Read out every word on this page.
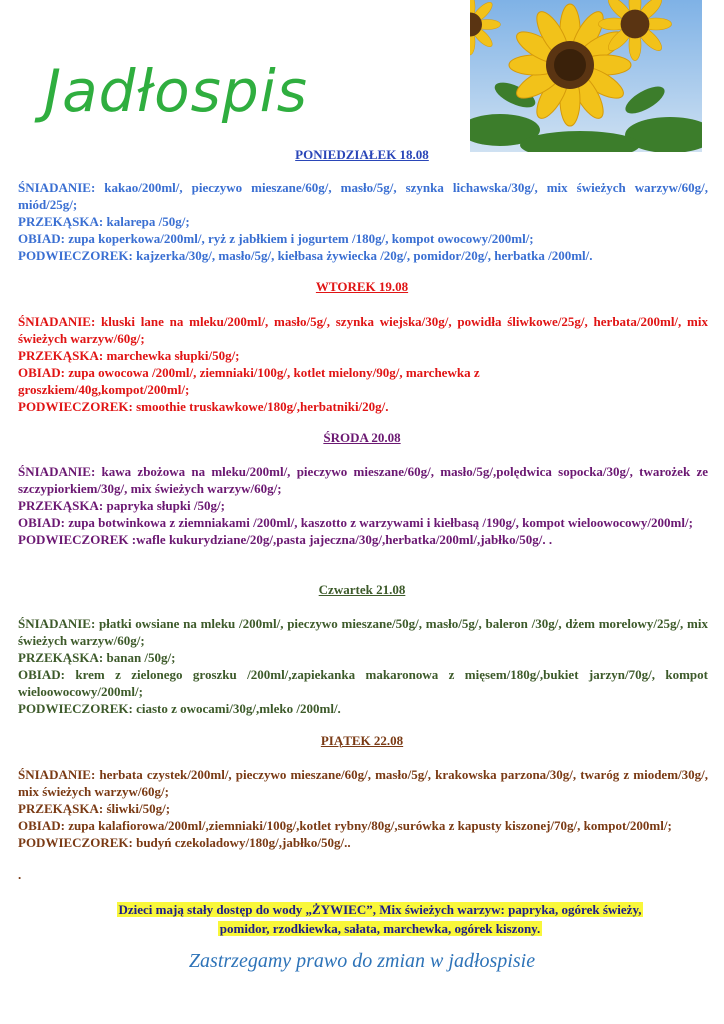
Jadłospis
PONIEDZIAŁEK 18.08

ŚNIADANIE: kakao/200ml/, pieczywo mieszane/60g/, masło/5g/, szynka lichawska/30g/, mix świeżych warzyw/60g/, miód/25g/;

PRZEKĄSKA: kalarepa /50g/;

OBIAD: zupa koperkowa/200ml/, ryż z jabłkiem i jogurtem /180g/, kompot owocowy/200ml/;

PODWIECZOREK: kajzerka/30g/, masło/5g/, kiełbasa żywiecka /20g/, pomidor/20g/, herbatka /200ml/.

WTOREK 19.08

ŚNIADANIE: kluski lane na mleku/200ml/, masło/5g/, szynka wiejska/30g/, powidła śliwkowe/25g/, herbata/200ml/, mix świeżych warzyw/60g/;

PRZEKĄSKA: marchewka słupki/50g/;

OBIAD: zupa owocowa /200ml/, ziemniaki/100g/, kotlet mielony/90g/, marchewka z groszkiem/40g,kompot/200ml/;

PODWIECZOREK: smoothie truskawkowe/180g/,herbatniki/20g/.

ŚRODA 20.08

ŚNIADANIE: kawa zbożowa na mleku/200ml/, pieczywo mieszane/60g/, masło/5g/,polędwica sopocka/30g/, twarożek ze szczypiorkiem/30g/, mix świeżych warzyw/60g/;

PRZEKĄSKA: papryka słupki /50g/;

OBIAD: zupa botwinkowa z ziemniakami /200ml/, kaszotto z warzywami i kiełbasą /190g/, kompot wieloowocowy/200ml/;

PODWIECZOREK :wafle kukurydziane/20g/,pasta jajeczna/30g/,herbatka/200ml/,jabłko/50g/. .

Czwartek 21.08

ŚNIADANIE: płatki owsiane na mleku /200ml/, pieczywo mieszane/50g/, masło/5g/, baleron /30g/, dżem morelowy/25g/, mix świeżych warzyw/60g/;

PRZEKĄSKA: banan /50g/;

OBIAD: krem z zielonego groszku /200ml/,zapiekanka makaronowa z mięsem/180g/,bukiet jarzyn/70g/, kompot wieloowocowy/200ml/;

PODWIECZOREK: ciasto z owocami/30g/,mleko /200ml/.

PIĄTEK 22.08

ŚNIADANIE: herbata czystek/200ml/, pieczywo mieszane/60g/, masło/5g/, krakowska parzona/30g/, twaróg z miodem/30g/, mix świeżych warzyw/60g/;

PRZEKĄSKA: śliwki/50g/;

OBIAD: zupa kalafiorowa/200ml/,ziemniaki/100g/,kotlet rybny/80g/,surówka z kapusty kiszonej/70g/, kompot/200ml/;

PODWIECZOREK: budyń czekoladowy/180g/,jabłko/50g/..

.
Dzieci mają stały dostęp do wody „ŻYWIEC”, Mix świeżych warzyw: papryka, ogórek świeży,
pomidor, rzodkiewka, sałata, marchewka, ogórek kiszony.
Zastrzegamy prawo do zmian w jadłospisie
